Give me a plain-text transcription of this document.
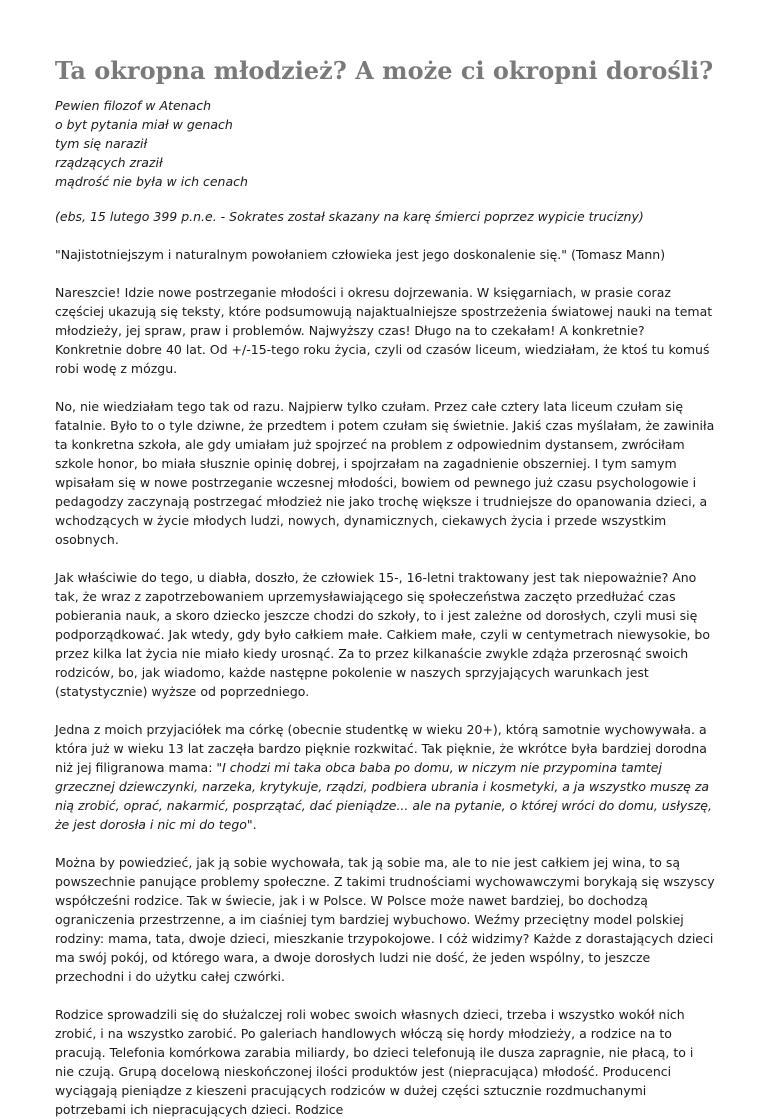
Ta okropna młodzież? A może ci okropni dorośli?
Pewien filozof w Atenach
o byt pytania miał w genach
tym się naraził
rządzących zraził
mądrość nie była w ich cenach

(ebs, 15 lutego 399 p.n.e. - Sokrates został skazany na karę śmierci poprzez wypicie trucizny)

"Najistotniejszym i naturalnym powołaniem człowieka jest jego doskonalenie się." (Tomasz Mann)

Nareszcie! Idzie nowe postrzeganie młodości i okresu dojrzewania. W księgarniach, w prasie coraz częściej ukazują się teksty, które podsumowują najaktualniejsze spostrzeżenia światowej nauki na temat młodzieży, jej spraw, praw i problemów. Najwyższy czas! Długo na to czekałam! A konkretnie? Konkretnie dobre 40 lat. Od +/-15-tego roku życia, czyli od czasów liceum, wiedziałam, że ktoś tu komuś robi wodę z mózgu.

No, nie wiedziałam tego tak od razu. Najpierw tylko czułam. Przez całe cztery lata liceum czułam się fatalnie. Było to o tyle dziwne, że przedtem i potem czułam się świetnie. Jakiś czas myślałam, że zawiniła ta konkretna szkoła, ale gdy umiałam już spojrzeć na problem z odpowiednim dystansem, zwróciłam szkole honor, bo miała słusznie opinię dobrej, i spojrzałam na zagadnienie obszerniej. I tym samym wpisałam się w nowe postrzeganie wczesnej młodości, bowiem od pewnego już czasu psychologowie i pedagodzy zaczynają postrzegać młodzież nie jako trochę większe i trudniejsze do opanowania dzieci, a wchodzących w życie młodych ludzi, nowych, dynamicznych, ciekawych życia i przede wszystkim osobnych.

Jak właściwie do tego, u diabła, doszło, że człowiek 15-, 16-letni traktowany jest tak niepoważnie? Ano tak, że wraz z zapotrzebowaniem uprzemysławiającego się społeczeństwa zaczęto przedłużać czas pobierania nauk, a skoro dziecko jeszcze chodzi do szkoły, to i jest zależne od dorosłych, czyli musi się podporządkować. Jak wtedy, gdy było całkiem małe. Całkiem małe, czyli w centymetrach niewysokie, bo przez kilka lat życia nie miało kiedy urosnąć. Za to przez kilkanaście zwykle zdąża przerosnąć swoich rodziców, bo, jak wiadomo, każde następne pokolenie w naszych sprzyjających warunkach jest (statystycznie) wyższe od poprzedniego.

Jedna z moich przyjaciółek ma córkę (obecnie studentkę w wieku 20+), którą samotnie wychowywała. a która już w wieku 13 lat zaczęła bardzo pięknie rozkwitać. Tak pięknie, że wkrótce była bardziej dorodna niż jej filigranowa mama: "I chodzi mi taka obca baba po domu, w niczym nie przypomina tamtej grzecznej dziewczynki, narzeka, krytykuje, rządzi, podbiera ubrania i kosmetyki, a ja wszystko muszę za nią zrobić, oprać, nakarmić, posprzątać, dać pieniądze... ale na pytanie, o której wróci do domu, usłyszę, że jest dorosła i nic mi do tego".

Można by powiedzieć, jak ją sobie wychowała, tak ją sobie ma, ale to nie jest całkiem jej wina, to są powszechnie panujące problemy społeczne. Z takimi trudnościami wychowawczymi borykają się wszyscy współcześni rodzice. Tak w świecie, jak i w Polsce. W Polsce może nawet bardziej, bo dochodzą ograniczenia przestrzenne, a im ciaśniej tym bardziej wybuchowo. Weźmy przeciętny model polskiej rodziny: mama, tata, dwoje dzieci, mieszkanie trzypokojowe. I cóż widzimy? Każde z dorastających dzieci ma swój pokój, od którego wara, a dwoje dorosłych ludzi nie dość, że jeden wspólny, to jeszcze przechodni i do użytku całej czwórki.

Rodzice sprowadzili się do służalczej roli wobec swoich własnych dzieci, trzeba i wszystko wokół nich zrobić, i na wszystko zarobić. Po galeriach handlowych włóczą się hordy młodzieży, a rodzice na to pracują. Telefonia komórkowa zarabia miliardy, bo dzieci telefonują ile dusza zapragnie, nie płacą, to i nie czują. Grupą docelową nieskończonej ilości produktów jest (niepracująca) młodość. Producenci wyciągają pieniądze z kieszeni pracujących rodziców w dużej części sztucznie rozdmuchanymi potrzebami ich niepracujących dzieci. Rodzice
